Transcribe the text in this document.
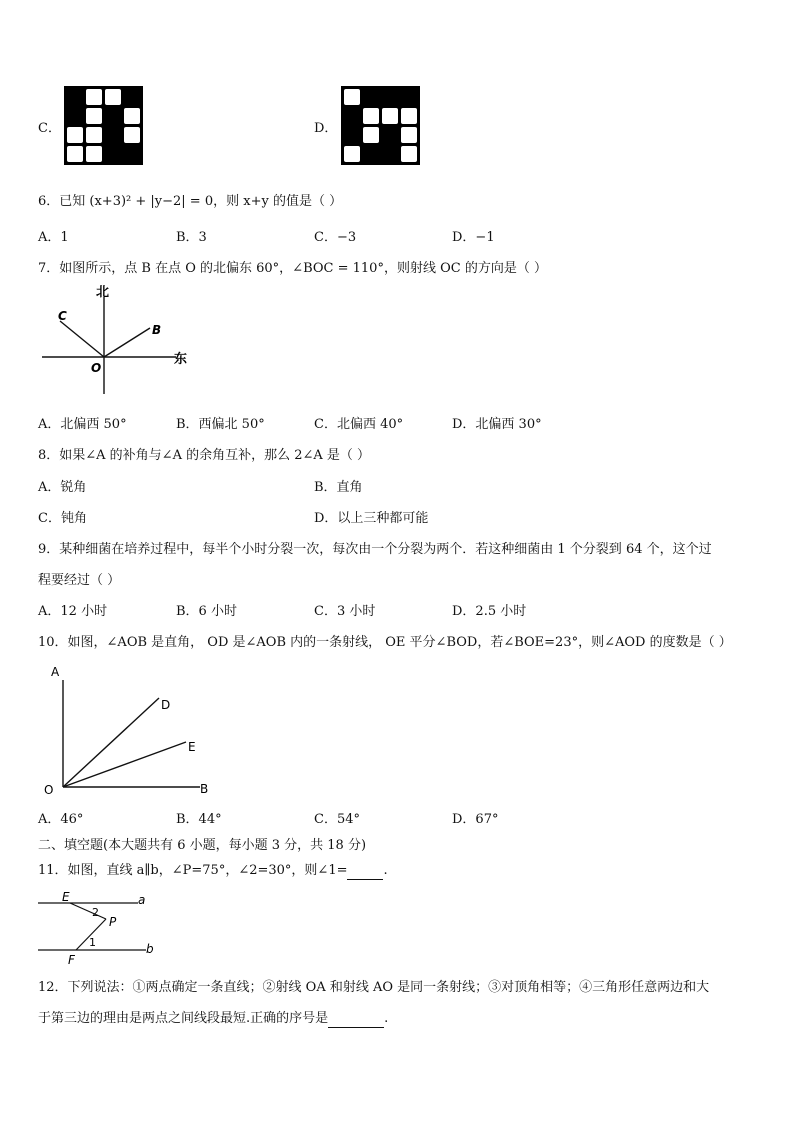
C．	D．
6．已知 (x+3)² + |y−2| = 0，则 x+y 的值是（ ）
A．1	B．3	C．−3	D．−1
7．如图所示，点 B 在点 O 的北偏东 60°，∠BOC = 110°，则射线 OC 的方向是（ ）
北
东
O
B
C
A．北偏西 50°	B．西偏北 50°	C．北偏西 40°	D．北偏西 30°
8．如果∠A 的补角与∠A 的余角互补，那么 2∠A 是（ ）
A．锐角	B．直角
C．钝角	D．以上三种都可能
9．某种细菌在培养过程中，每半个小时分裂一次，每次由一个分裂为两个．若这种细菌由 1 个分裂到 64 个，这个过
程要经过（ ）
A．12 小时	B．6 小时	C．3 小时	D．2.5 小时
10．如图，∠AOB 是直角， OD 是∠AOB 内的一条射线， OE 平分∠BOD，若∠BOE=23°，则∠AOD 的度数是（ ）
A
O	B
D
E
A．46°	B．44°	C．54°	D．67°
二、填空题(本大题共有 6 小题，每小题 3 分，共 18 分)
11．如图，直线 a∥b，∠P=75°，∠2=30°，则∠1=	.
E	a
2
P
1
F
b
12．下列说法：①两点确定一条直线；②射线 OA 和射线 AO 是同一条射线；③对顶角相等；④三角形任意两边和大
于第三边的理由是两点之间线段最短.正确的序号是	.
